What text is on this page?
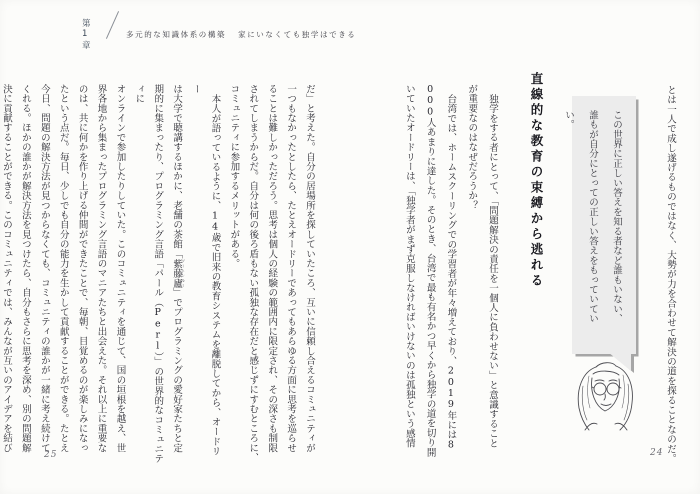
第1章
多元的な知識体系の構築 家にいなくても独学はできる

とは一人で成し遂げるものではなく、大勢が力を合わせて解決の道を探ることなのだ。

この世界に正しい答えを知る者など誰もいない、

誰もが自分にとっての正しい答えをもっていていい。

直線的な教育の束縛から逃れる

独学をする者にとって、「問題解決の責任を一個人に負わせない」と意識すること

が重要なのはなぜだろうか？

台湾では、ホームスクーリングでの学習者が年々増えており、2019年には8

000人あまりに達した。そのとき、台湾で最も有名かつ早くから独学の道を切り開

いていたオードリーは、「独学者がまず克服しなければいけないのは孤独という感情

24

だ」と考えた。自分の居場所を探していたころ、互いに信頼し合えるコミュニティが

一つもなかったとしたら、たとえオードリーであってもあらゆる方面に思考を巡らせ

ることは難しかっただろう。思考は個人の経験の範囲内に限定され、その深さも制限

されてしまうからだ。自分は何の後ろ盾もない孤独な存在だと感じずにすむところに、

コミュニティに参加するメリットがある。

本人が語っているように、14歳で旧来の教育システムを離脱してから、オードリー

は大学で聴講するほかに、老舗の茶館「紫藤廬 ツートンルー」でプログラミングの愛好家たちと定

期的に集まったり、プログラミング言語「パール（Perl）」の世界的なコミュニティに

オンラインで参加したりしていた。このコミュニティを通じて、国の垣根を越え、世

界各地から集まったプログラミング言語のマニアたちと出会えた。それ以上に重要な

のは、共に何かを作り上げる仲間ができたことで、毎朝、目覚めるのが楽しみになっ

たという点だ。毎日、少しでも自分の能力を生かして貢献することができる。たとえ

今日、問題の解決方法が見つからなくても、コミュニティの誰かが一緒に考え続けて

くれる。ほかの誰かが解決方法を見つけたら、自分もさらに思考を深め、別の問題解

決に貢献することができる。このコミュニティでは、みんなが互いのアイデアを結び

25
